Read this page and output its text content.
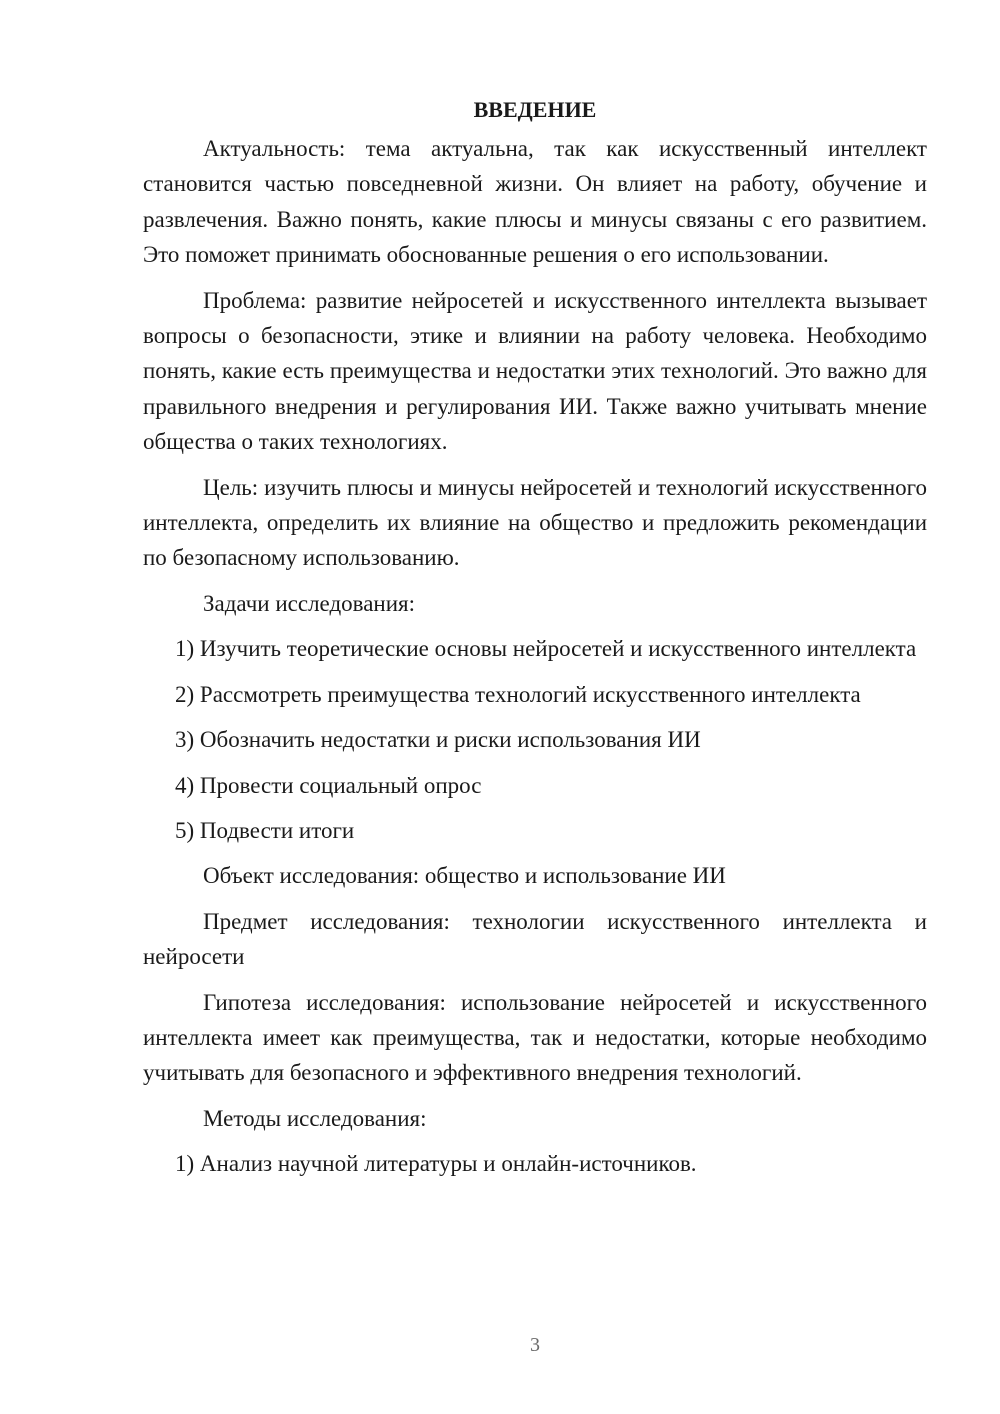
ВВЕДЕНИЕ

Актуальность: тема актуальна, так как искусственный интеллект становится частью повседневной жизни. Он влияет на работу, обучение и развлечения. Важно понять, какие плюсы и минусы связаны с его развитием. Это поможет принимать обоснованные решения о его использовании.

Проблема: развитие нейросетей и искусственного интеллекта вызывает вопросы о безопасности, этике и влиянии на работу человека. Необходимо понять, какие есть преимущества и недостатки этих технологий. Это важно для правильного внедрения и регулирования ИИ. Также важно учитывать мнение общества о таких технологиях.

Цель: изучить плюсы и минусы нейросетей и технологий искусственного интеллекта, определить их влияние на общество и предложить рекомендации по безопасному использованию.

Задачи исследования:

1) Изучить теоретические основы нейросетей и искусственного интеллекта

2) Рассмотреть преимущества технологий искусственного интеллекта

3) Обозначить недостатки и риски использования ИИ

4) Провести социальный опрос

5) Подвести итоги

Объект исследования: общество и использование ИИ

Предмет исследования: технологии искусственного интеллекта и нейросети

Гипотеза исследования: использование нейросетей и искусственного интеллекта имеет как преимущества, так и недостатки, которые необходимо учитывать для безопасного и эффективного внедрения технологий.

Методы исследования:

1) Анализ научной литературы и онлайн-источников.

3
